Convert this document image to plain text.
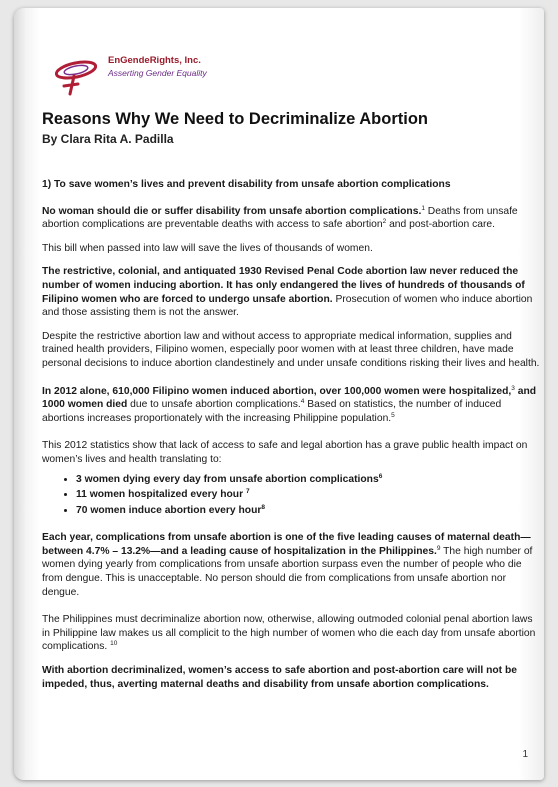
EnGendeRights, Inc.
Asserting Gender Equality
Reasons Why We Need to Decriminalize Abortion
By Clara Rita A. Padilla

1) To save women’s lives and prevent disability from unsafe abortion complications

No woman should die or suffer disability from unsafe abortion complications.$^1$ Deaths from unsafe abortion complications are preventable deaths with access to safe abortion$^2$ and post-abortion care.

This bill when passed into law will save the lives of thousands of women.

The restrictive, colonial, and antiquated 1930 Revised Penal Code abortion law never reduced the number of women inducing abortion. It has only endangered the lives of hundreds of thousands of Filipino women who are forced to undergo unsafe abortion. Prosecution of women who induce abortion and those assisting them is not the answer.

Despite the restrictive abortion law and without access to appropriate medical information, supplies and trained health providers, Filipino women, especially poor women with at least three children, have made personal decisions to induce abortion clandestinely and under unsafe conditions risking their lives and health.

In 2012 alone, 610,000 Filipino women induced abortion, over 100,000 women were hospitalized,$^3$ and 1000 women died due to unsafe abortion complications.$^4$ Based on statistics, the number of induced abortions increases proportionately with the increasing Philippine population.$^5$

This 2012 statistics show that lack of access to safe and legal abortion has a grave public health impact on women’s lives and health translating to:

• 3 women dying every day from unsafe abortion complications$^6$
• 11 women hospitalized every hour $^7$
• 70 women induce abortion every hour$^8$

Each year, complications from unsafe abortion is one of the five leading causes of maternal death—between 4.7% – 13.2%—and a leading cause of hospitalization in the Philippines.$^9$ The high number of women dying yearly from complications from unsafe abortion surpass even the number of people who die from dengue. This is unacceptable. No person should die from complications from unsafe abortion nor dengue.

The Philippines must decriminalize abortion now, otherwise, allowing outmoded colonial penal abortion laws in Philippine law makes us all complicit to the high number of women who die each day from unsafe abortion complications. $^{10}$

With abortion decriminalized, women’s access to safe abortion and post-abortion care will not be impeded, thus, averting maternal deaths and disability from unsafe abortion complications.

1
